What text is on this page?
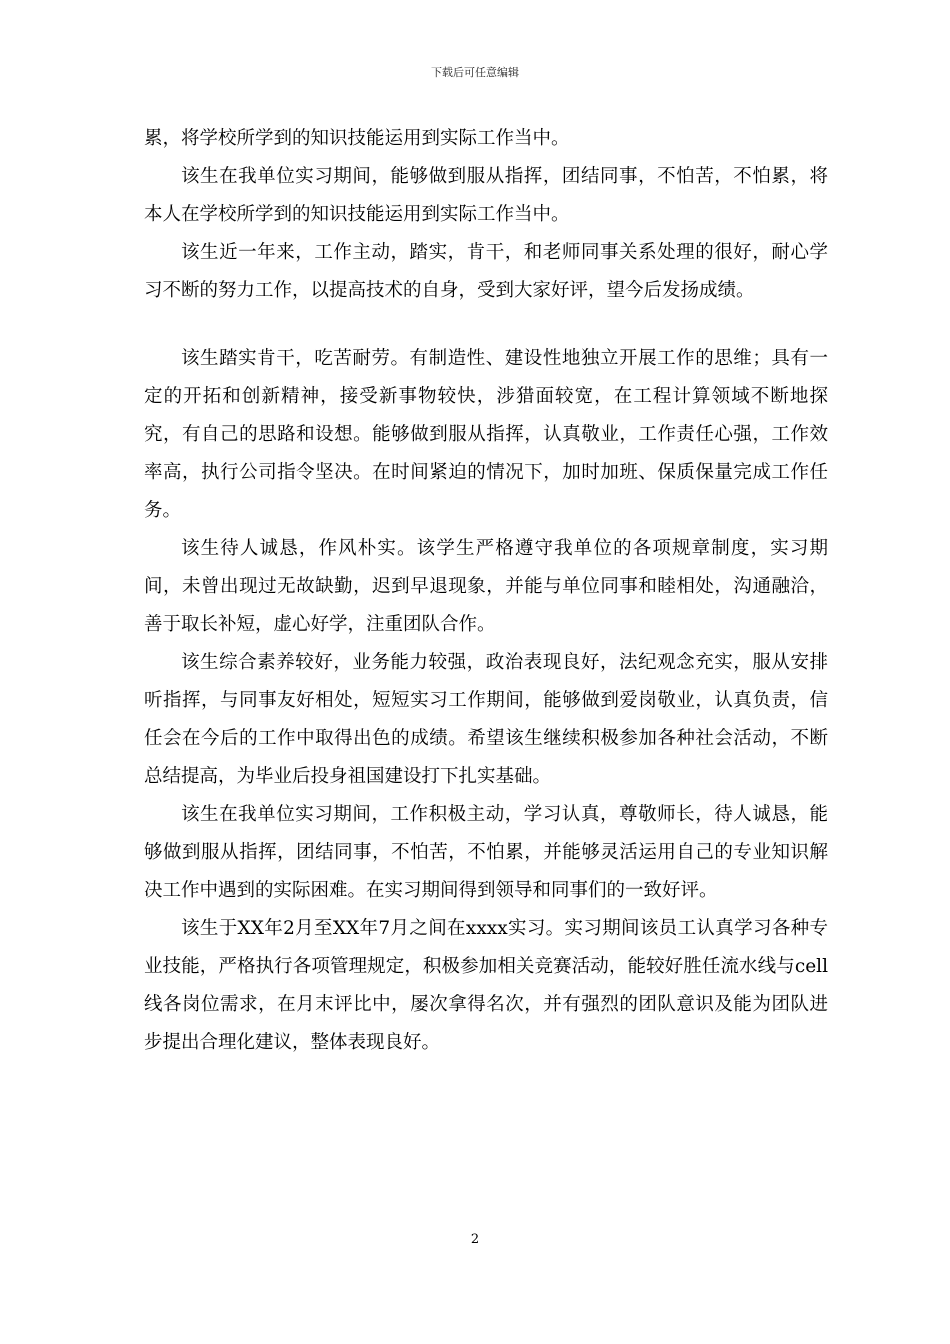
下载后可任意编辑

累，将学校所学到的知识技能运用到实际工作当中。

该生在我单位实习期间，能够做到服从指挥，团结同事，不怕苦，不怕累，将本人在学校所学到的知识技能运用到实际工作当中。

该生近一年来，工作主动，踏实，肯干，和老师同事关系处理的很好，耐心学习不断的努力工作，以提高技术的自身，受到大家好评，望今后发扬成绩。

该生踏实肯干，吃苦耐劳。有制造性、建设性地独立开展工作的思维；具有一定的开拓和创新精神，接受新事物较快，涉猎面较宽，在工程计算领域不断地探究，有自己的思路和设想。能够做到服从指挥，认真敬业，工作责任心强，工作效率高，执行公司指令坚决。在时间紧迫的情况下，加时加班、保质保量完成工作任务。

该生待人诚恳，作风朴实。该学生严格遵守我单位的各项规章制度，实习期间，未曾出现过无故缺勤，迟到早退现象，并能与单位同事和睦相处，沟通融洽，善于取长补短，虚心好学，注重团队合作。

该生综合素养较好，业务能力较强，政治表现良好，法纪观念充实，服从安排听指挥，与同事友好相处，短短实习工作期间，能够做到爱岗敬业，认真负责，信任会在今后的工作中取得出色的成绩。希望该生继续积极参加各种社会活动，不断总结提高，为毕业后投身祖国建设打下扎实基础。

该生在我单位实习期间，工作积极主动，学习认真，尊敬师长，待人诚恳，能够做到服从指挥，团结同事，不怕苦，不怕累，并能够灵活运用自己的专业知识解决工作中遇到的实际困难。在实习期间得到领导和同事们的一致好评。

该生于XX年2月至XX年7月之间在xxxx实习。实习期间该员工认真学习各种专业技能，严格执行各项管理规定，积极参加相关竞赛活动，能较好胜任流水线与cell线各岗位需求，在月末评比中，屡次拿得名次，并有强烈的团队意识及能为团队进步提出合理化建议，整体表现良好。

2
